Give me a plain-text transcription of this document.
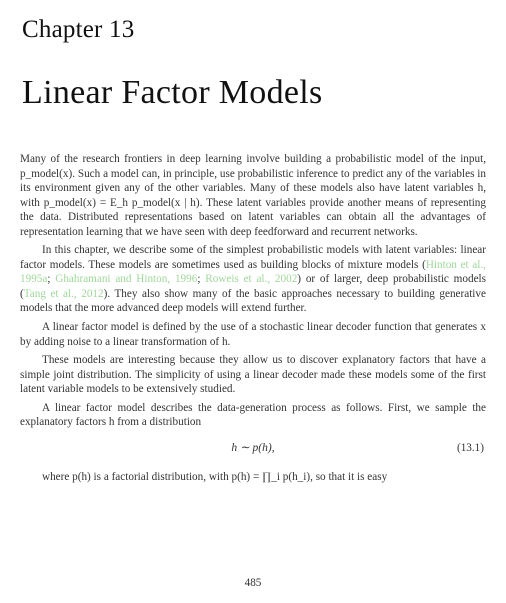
Chapter 13
Linear Factor Models

Many of the research frontiers in deep learning involve building a probabilistic model of the input, p_model(x). Such a model can, in principle, use probabilistic inference to predict any of the variables in its environment given any of the other variables. Many of these models also have latent variables h, with p_model(x) = E_h p_model(x | h). These latent variables provide another means of representing the data. Distributed representations based on latent variables can obtain all the advantages of representation learning that we have seen with deep feedforward and recurrent networks.

In this chapter, we describe some of the simplest probabilistic models with latent variables: linear factor models. These models are sometimes used as building blocks of mixture models (Hinton et al., 1995a; Ghahramani and Hinton, 1996; Roweis et al., 2002) or of larger, deep probabilistic models (Tang et al., 2012). They also show many of the basic approaches necessary to building generative models that the more advanced deep models will extend further.

A linear factor model is defined by the use of a stochastic linear decoder function that generates x by adding noise to a linear transformation of h.

These models are interesting because they allow us to discover explanatory factors that have a simple joint distribution. The simplicity of using a linear decoder made these models some of the first latent variable models to be extensively studied.

A linear factor model describes the data-generation process as follows. First, we sample the explanatory factors h from a distribution

h ∼ p(h),	(13.1)

where p(h) is a factorial distribution, with p(h) = ∏_i p(h_i), so that it is easy

485
